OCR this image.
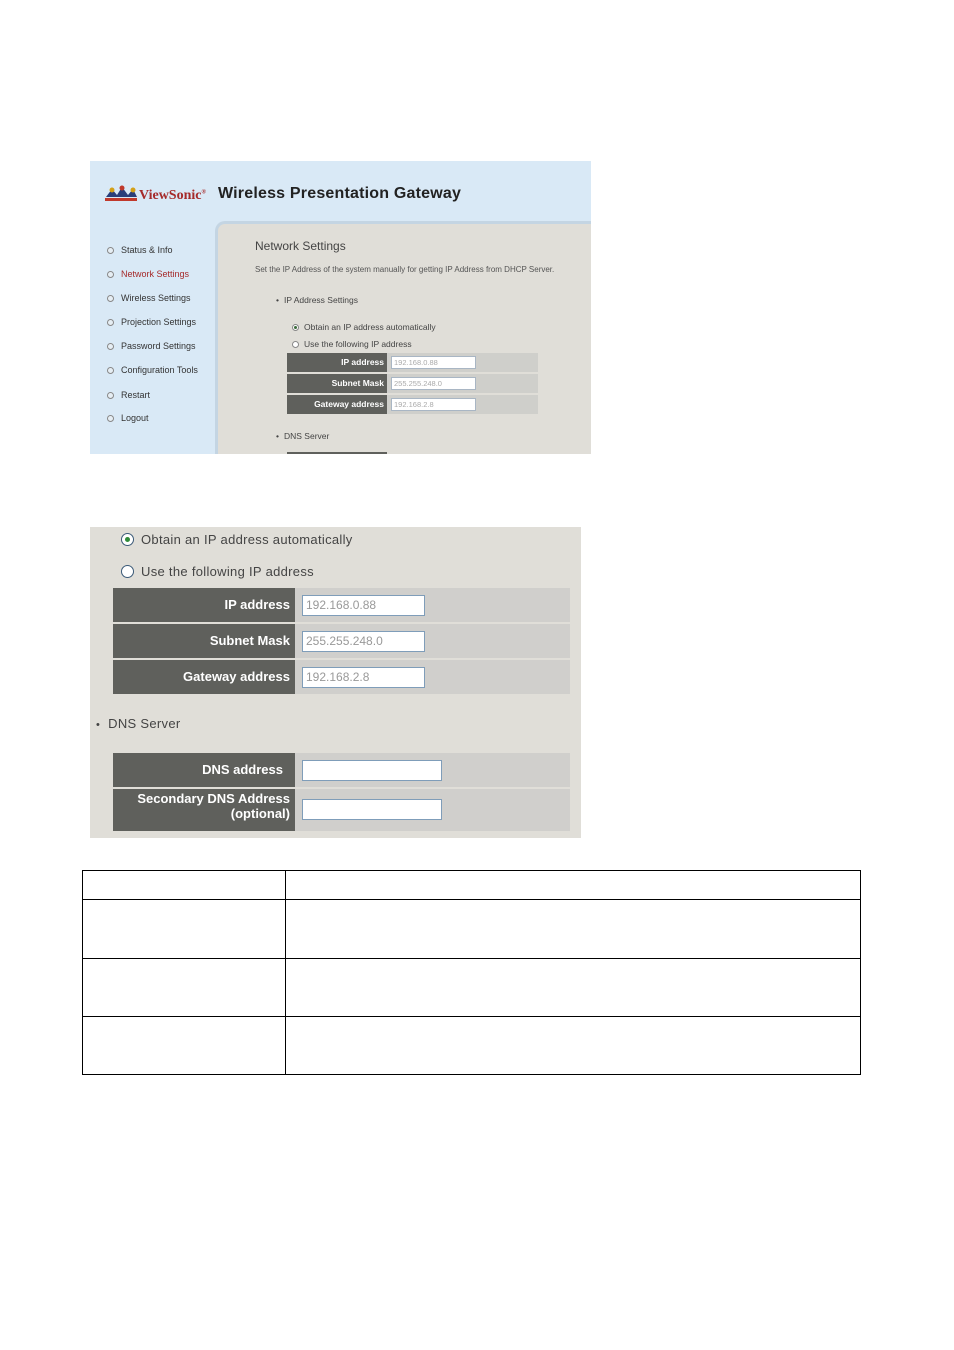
ViewSonic® Wireless Presentation Gateway
Status & Info
Network Settings
Wireless Settings
Projection Settings
Password Settings
Configuration Tools
Restart
Logout
Network Settings
Set the IP Address of the system manually for getting IP Address from DHCP Server.
• IP Address Settings
Obtain an IP address automatically
Use the following IP address
IP address	192.168.0.88
Subnet Mask	255.255.248.0
Gateway address	192.168.2.8
• DNS Server
Obtain an IP address automatically
Use the following IP address
IP address	192.168.0.88
Subnet Mask	255.255.248.0
Gateway address	192.168.2.8
• DNS Server
DNS address
Secondary DNS Address
(optional)
